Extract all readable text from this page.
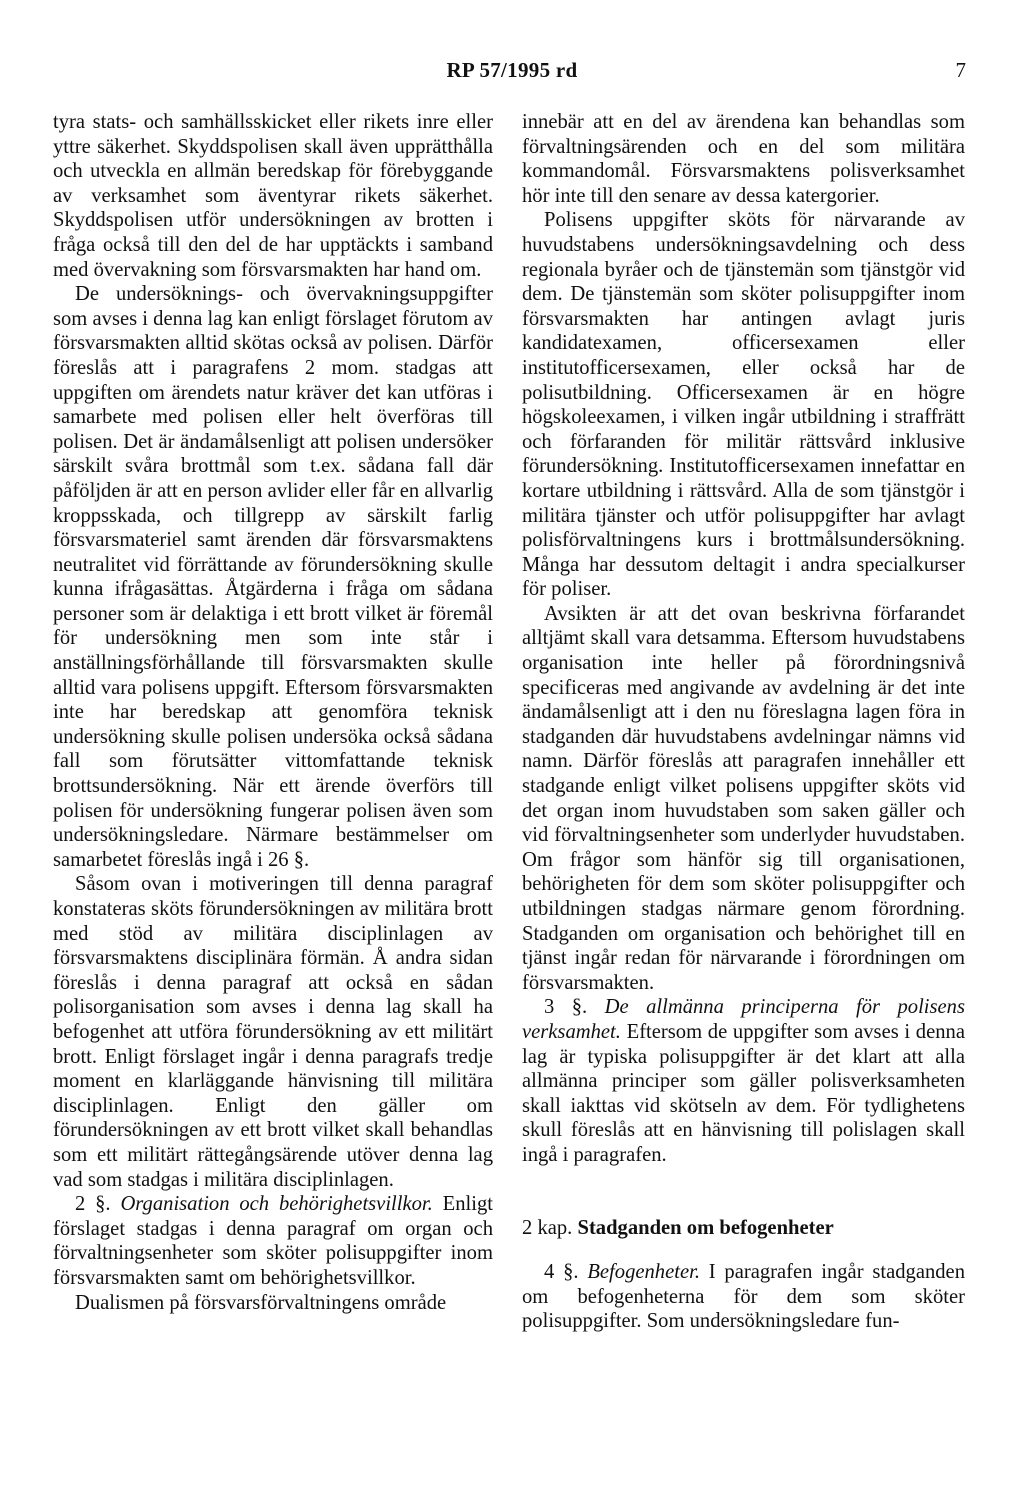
RP 57/1995 rd	7

tyra stats- och samhällsskicket eller rikets inre eller yttre säkerhet. Skyddspolisen skall även upprätthålla och utveckla en allmän beredskap för förebyggande av verksamhet som äventyrar rikets säkerhet. Skyddspolisen utför undersökningen av brotten i fråga också till den del de har upptäckts i samband med övervakning som försvarsmakten har hand om.

De undersöknings- och övervakningsuppgifter som avses i denna lag kan enligt förslaget förutom av försvarsmakten alltid skötas också av polisen. Därför föreslås att i paragrafens 2 mom. stadgas att uppgiften om ärendets natur kräver det kan utföras i samarbete med polisen eller helt överföras till polisen. Det är ändamålsenligt att polisen undersöker särskilt svåra brottmål som t.ex. sådana fall där påföljden är att en person avlider eller får en allvarlig kroppsskada, och tillgrepp av särskilt farlig försvarsmateriel samt ärenden där försvarsmaktens neutralitet vid förrättande av förundersökning skulle kunna ifrågasättas. Åtgärderna i fråga om sådana personer som är delaktiga i ett brott vilket är föremål för undersökning men som inte står i anställningsförhållande till försvarsmakten skulle alltid vara polisens uppgift. Eftersom försvarsmakten inte har beredskap att genomföra teknisk undersökning skulle polisen undersöka också sådana fall som förutsätter vittomfattande teknisk brottsundersökning. När ett ärende överförs till polisen för undersökning fungerar polisen även som undersökningsledare. Närmare bestämmelser om samarbetet föreslås ingå i 26 §.

Såsom ovan i motiveringen till denna paragraf konstateras sköts förundersökningen av militära brott med stöd av militära disciplinlagen av försvarsmaktens disciplinära förmän. Å andra sidan föreslås i denna paragraf att också en sådan polisorganisation som avses i denna lag skall ha befogenhet att utföra förundersökning av ett militärt brott. Enligt förslaget ingår i denna paragrafs tredje moment en klarläggande hänvisning till militära disciplinlagen. Enligt den gäller om förundersökningen av ett brott vilket skall behandlas som ett militärt rättegångsärende utöver denna lag vad som stadgas i militära disciplinlagen.

2 §. Organisation och behörighetsvillkor. Enligt förslaget stadgas i denna paragraf om organ och förvaltningsenheter som sköter polisuppgifter inom försvarsmakten samt om behörighetsvillkor.

Dualismen på försvarsförvaltningens område

innebär att en del av ärendena kan behandlas som förvaltningsärenden och en del som militära kommandomål. Försvarsmaktens polisverksamhet hör inte till den senare av dessa katergorier.

Polisens uppgifter sköts för närvarande av huvudstabens undersökningsavdelning och dess regionala byråer och de tjänstemän som tjänstgör vid dem. De tjänstemän som sköter polisuppgifter inom försvarsmakten har antingen avlagt juris kandidatexamen, officersexamen eller institutofficersexamen, eller också har de polisutbildning. Officersexamen är en högre högskoleexamen, i vilken ingår utbildning i straffrätt och förfaranden för militär rättsvård inklusive förundersökning. Institutofficersexamen innefattar en kortare utbildning i rättsvård. Alla de som tjänstgör i militära tjänster och utför polisuppgifter har avlagt polisförvaltningens kurs i brottmålsundersökning. Många har dessutom deltagit i andra specialkurser för poliser.

Avsikten är att det ovan beskrivna förfarandet alltjämt skall vara detsamma. Eftersom huvudstabens organisation inte heller på förordningsnivå specificeras med angivande av avdelning är det inte ändamålsenligt att i den nu föreslagna lagen föra in stadganden där huvudstabens avdelningar nämns vid namn. Därför föreslås att paragrafen innehåller ett stadgande enligt vilket polisens uppgifter sköts vid det organ inom huvudstaben som saken gäller och vid förvaltningsenheter som underlyder huvudstaben. Om frågor som hänför sig till organisationen, behörigheten för dem som sköter polisuppgifter och utbildningen stadgas närmare genom förordning. Stadganden om organisation och behörighet till en tjänst ingår redan för närvarande i förordningen om försvarsmakten.

3 §. De allmänna principerna för polisens verksamhet. Eftersom de uppgifter som avses i denna lag är typiska polisuppgifter är det klart att alla allmänna principer som gäller polisverksamheten skall iakttas vid skötseln av dem. För tydlighetens skull föreslås att en hänvisning till polislagen skall ingå i paragrafen.

2 kap. Stadganden om befogenheter

4 §. Befogenheter. I paragrafen ingår stadganden om befogenheterna för dem som sköter polisuppgifter. Som undersökningsledare fun-
